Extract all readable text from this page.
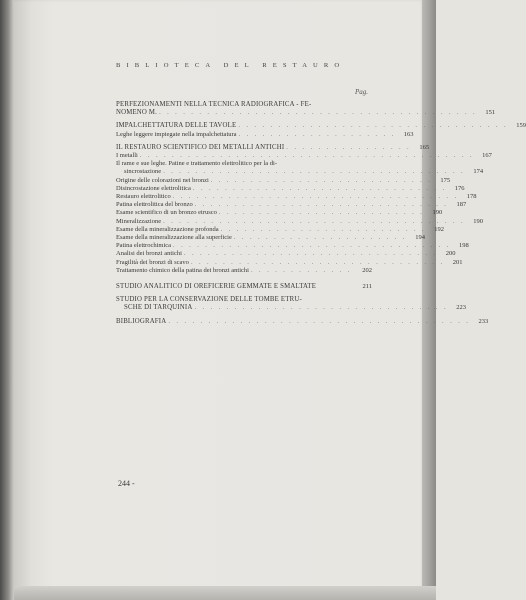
BIBLIOTECA DEL RESTAURO
Pag.
PERFEZIONAMENTI NELLA TECNICA RADIOGRAFICA - FE-
NOMENO M. . . . . . . . . . . . . . . . . . . . . . . . . . . . . . . . . . . . . . . . .	151
IMPALCHETTATURA DELLE TAVOLE . . . . . . . . . . . . . . . . . . . . . . . . . . . . . . . . . .	159
Leghe leggere impiegate nella impalchettatura . . . . . . . . . . . . . . . . . . . .	163
IL RESTAURO SCIENTIFICO DEI METALLI ANTICHI . . . . . . . . . . . . . . . .	165
I metalli . . . . . . . . . . . . . . . . . . . . . . . . . . . . . . . . . . . . . . . . . .	167
Il rame e sue leghe. Patine e trattamento elettrolitico per la di-
sincrostazione . . . . . . . . . . . . . . . . . . . . . . . . . . . . . . . . . . . . . .	174
Origine delle colorazioni nei bronzi . . . . . . . . . . . . . . . . . . . . . . . . . . . .	175
Disincrostazione elettrolitica . . . . . . . . . . . . . . . . . . . . . . . . . . . . . . . .	176
Restauro elettrolitico . . . . . . . . . . . . . . . . . . . . . . . . . . . . . . . . . . . .	178
Patina elettrolitica del bronzo . . . . . . . . . . . . . . . . . . . . . . . . . . . . . . . .	187
Esame scientifico di un bronzo etrusco . . . . . . . . . . . . . . . . . . . . . . . . . .	190
Mineralizzazione . . . . . . . . . . . . . . . . . . . . . . . . . . . . . . . . . . . . . .	190
Esame della mineralizzazione profonda . . . . . . . . . . . . . . . . . . . . . . . . . .	192
Esame della mineralizzazione alla superficie . . . . . . . . . . . . . . . . . . . . . .	194
Patina elettrochimica . . . . . . . . . . . . . . . . . . . . . . . . . . . . . . . . . . .	198
Analisi dei bronzi antichi . . . . . . . . . . . . . . . . . . . . . . . . . . . . . . . .	200
Fragilità dei bronzi di scavo . . . . . . . . . . . . . . . . . . . . . . . . . . . . . . . .	201
Trattamento chimico della patina dei bronzi antichi . . . . . . . . . . . . .	202
STUDIO ANALITICO DI OREFICERIE GEMMATE E SMALTATE	211
STUDIO PER LA CONSERVAZIONE DELLE TOMBE ETRU-
SCHE DI TARQUINIA . . . . . . . . . . . . . . . . . . . . . . . . . . . . . . . .	223
BIBLIOGRAFIA . . . . . . . . . . . . . . . . . . . . . . . . . . . . . . . . . . . . . .	233
244 -
